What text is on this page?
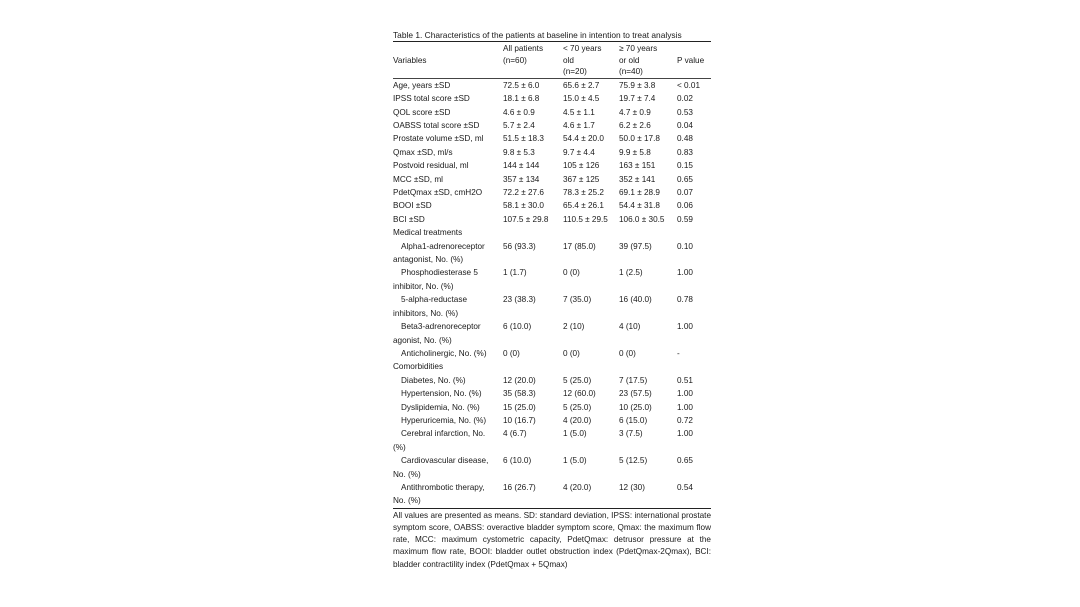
Table 1. Characteristics of the patients at baseline in intention to treat analysis
	All patients	< 70 years	≥ 70 years	
Variables	(n=60)	old	or old	P value
		(n=20)	(n=40)	
Age, years ±SD	72.5 ± 6.0	65.6 ± 2.7	75.9 ± 3.8	< 0.01
IPSS total score ±SD	18.1 ± 6.8	15.0 ± 4.5	19.7 ± 7.4	0.02
QOL score ±SD	4.6 ± 0.9	4.5 ± 1.1	4.7 ± 0.9	0.53
OABSS total score ±SD	5.7 ± 2.4	4.6 ± 1.7	6.2 ± 2.6	0.04
Prostate volume ±SD, ml	51.5 ± 18.3	54.4 ± 20.0	50.0 ± 17.8	0.48
Qmax ±SD, ml/s	9.8 ± 5.3	9.7 ± 4.4	9.9 ± 5.8	0.83
Postvoid residual, ml	144 ± 144	105 ± 126	163 ± 151	0.15
MCC ±SD, ml	357 ± 134	367 ± 125	352 ± 141	0.65
PdetQmax ±SD, cmH2O	72.2 ± 27.6	78.3 ± 25.2	69.1 ± 28.9	0.07
BOOI ±SD	58.1 ± 30.0	65.4 ± 26.1	54.4 ± 31.8	0.06
BCI ±SD	107.5 ± 29.8	110.5 ± 29.5	106.0 ± 30.5	0.59
Medical treatments				
Alpha1-adrenoreceptor	56 (93.3)	17 (85.0)	39 (97.5)	0.10
antagonist, No. (%)				
Phosphodiesterase 5	1 (1.7)	0 (0)	1 (2.5)	1.00
inhibitor, No. (%)				
5-alpha-reductase	23 (38.3)	7 (35.0)	16 (40.0)	0.78
inhibitors, No. (%)				
Beta3-adrenoreceptor	6 (10.0)	2 (10)	4 (10)	1.00
agonist, No. (%)				
Anticholinergic, No. (%)	0 (0)	0 (0)	0 (0)	-
Comorbidities				
Diabetes, No. (%)	12 (20.0)	5 (25.0)	7 (17.5)	0.51
Hypertension, No. (%)	35 (58.3)	12 (60.0)	23 (57.5)	1.00
Dyslipidemia, No. (%)	15 (25.0)	5 (25.0)	10 (25.0)	1.00
Hyperuricemia, No. (%)	10 (16.7)	4 (20.0)	6 (15.0)	0.72
Cerebral infarction, No.	4 (6.7)	1 (5.0)	3 (7.5)	1.00
(%)				
Cardiovascular disease,	6 (10.0)	1 (5.0)	5 (12.5)	0.65
No. (%)				
Antithrombotic therapy,	16 (26.7)	4 (20.0)	12 (30)	0.54
No. (%)				
All values are presented as means. SD: standard deviation, IPSS: international prostate symptom score, OABSS: overactive bladder symptom score, Qmax: the maximum flow rate, MCC: maximum cystometric capacity, PdetQmax: detrusor pressure at the maximum flow rate, BOOI: bladder outlet obstruction index (PdetQmax-2Qmax), BCI: bladder contractility index (PdetQmax + 5Qmax)
